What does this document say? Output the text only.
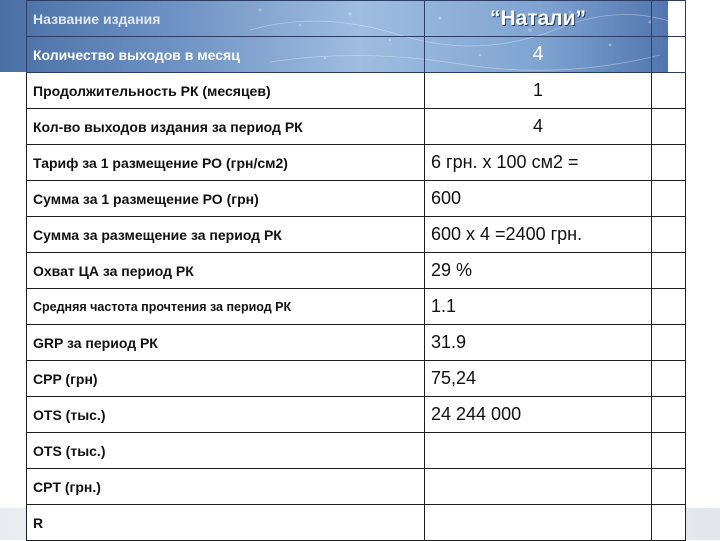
Название издания	“Натали”	
Количество выходов в месяц	4	
Продолжительность РК (месяцев)	1	
Кол-во выходов издания за период РК	4	
Тариф за 1 размещение РО (грн/см2)	6 грн. х 100 см2 =	
Сумма за 1 размещение РО (грн)	600	
Сумма за размещение за период РК	600 х 4 =2400 грн.	
Охват ЦА за период РК	29 %	
Средняя частота прочтения за период РК	1.1	
GRP за период РК	31.9	
CPP (грн)	75,24	
OTS (тыс.)	24 244 000	
OTS (тыс.)		
CPT (грн.)		
R		
